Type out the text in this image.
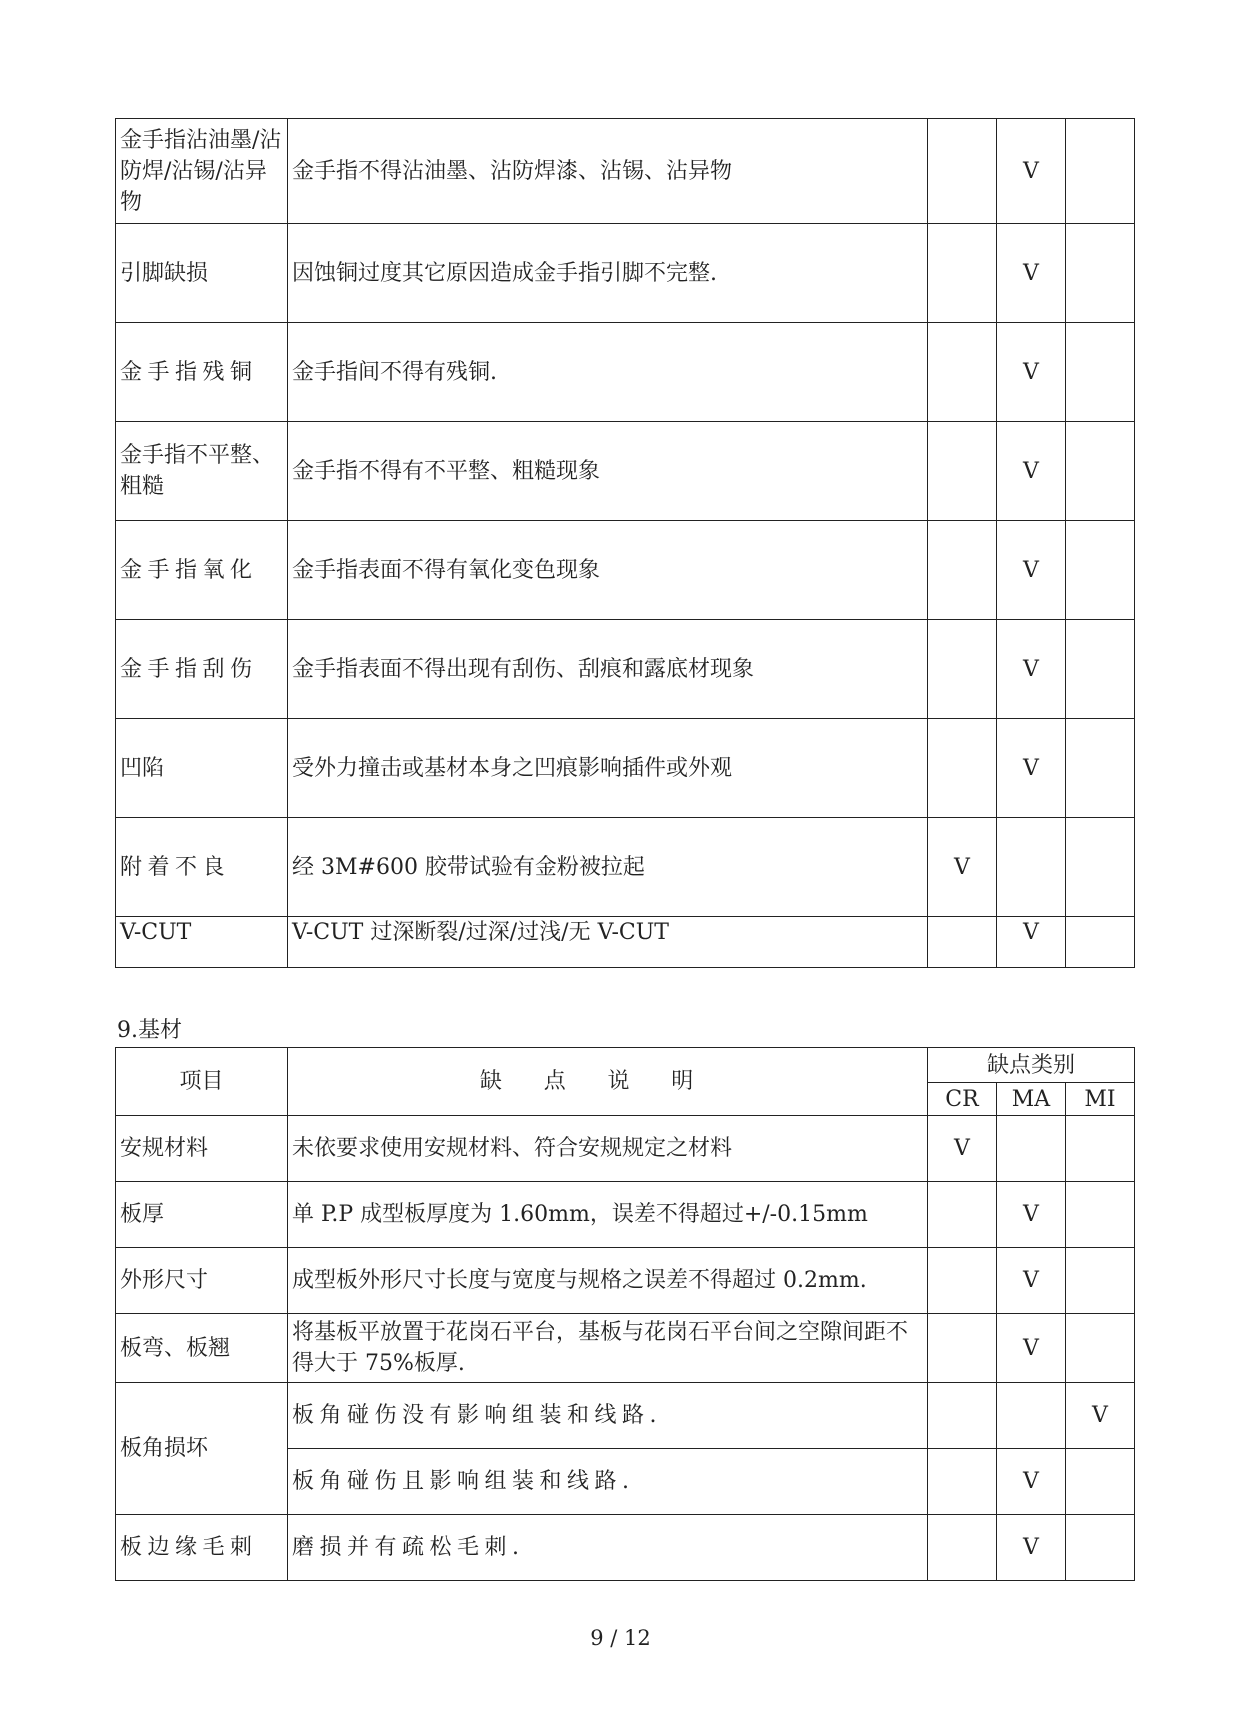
金手指沾油墨/沾防焊/沾锡/沾异物	金手指不得沾油墨、沾防焊漆、沾锡、沾异物		V	
引脚缺损	因蚀铜过度其它原因造成金手指引脚不完整.		V	
金手指残铜	金手指间不得有残铜.		V	
金手指不平整、粗糙	金手指不得有不平整、粗糙现象		V	
金手指氧化	金手指表面不得有氧化变色现象		V	
金手指刮伤	金手指表面不得出现有刮伤、刮痕和露底材现象		V	
凹陷	受外力撞击或基材本身之凹痕影响插件或外观		V	
附着不良	经 3M#600 胶带试验有金粉被拉起	V		
V-CUT	V-CUT 过深断裂/过深/过浅/无 V-CUT		V	
9.基材
项目	缺点说明	缺点类别		
		CR	MA	MI
安规材料	未依要求使用安规材料、符合安规规定之材料	V		
板厚	单 P.P 成型板厚度为 1.60mm，误差不得超过+/-0.15mm		V	
外形尺寸	成型板外形尺寸长度与宽度与规格之误差不得超过 0.2mm.		V	
板弯、板翘	将基板平放置于花岗石平台，基板与花岗石平台间之空隙间距不得大于 75%板厚.		V	
板角损坏	板角碰伤没有影响组装和线路.			V
	板角碰伤且影响组装和线路.		V	
板边缘毛刺	磨损并有疏松毛刺.		V	
9 / 12
